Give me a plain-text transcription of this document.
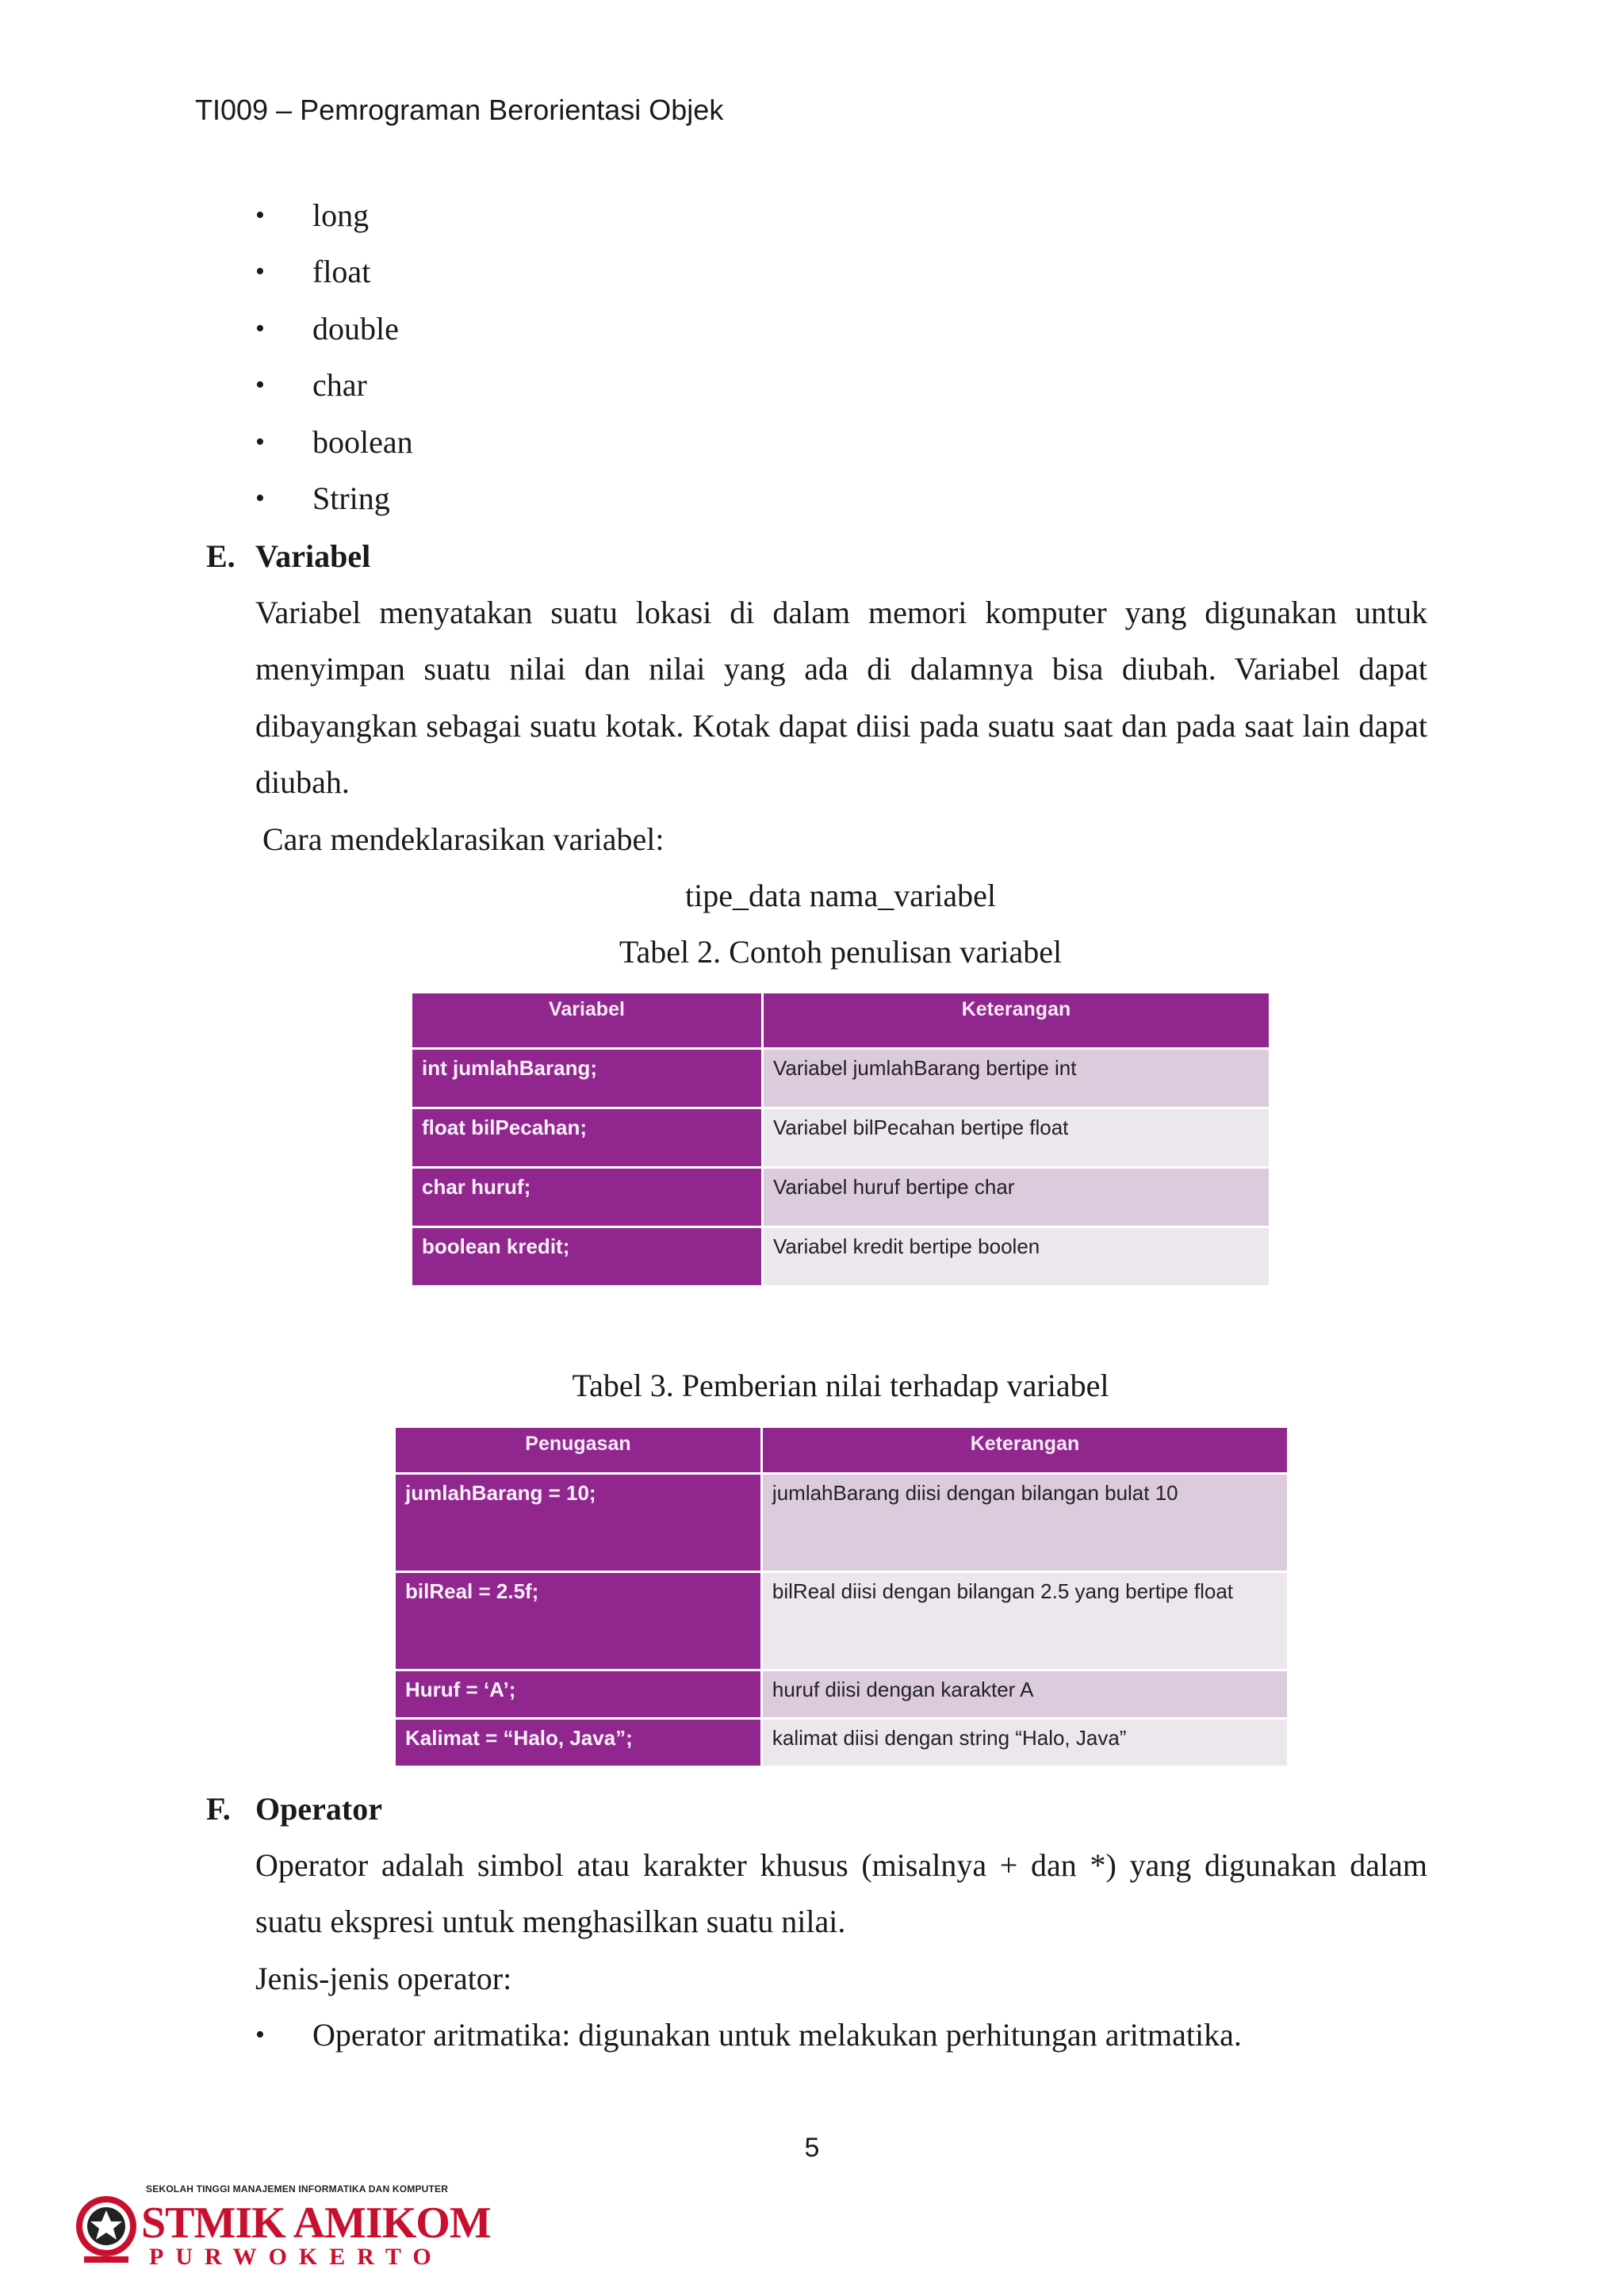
TI009 – Pemrograman Berorientasi Objek
• long
• float
• double
• char
• boolean
• String
E. Variabel

Variabel menyatakan suatu lokasi di dalam memori komputer yang digunakan untuk menyimpan suatu nilai dan nilai yang ada di dalamnya bisa diubah. Variabel dapat dibayangkan sebagai suatu kotak. Kotak dapat diisi pada suatu saat dan pada saat lain dapat diubah.

Cara mendeklarasikan variabel:
tipe_data nama_variabel
Tabel 2. Contoh penulisan variabel
Variabel	Keterangan
int jumlahBarang;	Variabel jumlahBarang bertipe int
float bilPecahan;	Variabel bilPecahan bertipe float
char huruf;	Variabel huruf bertipe char
boolean kredit;	Variabel kredit bertipe boolen
Tabel 3. Pemberian nilai terhadap variabel
Penugasan	Keterangan
jumlahBarang = 10;	jumlahBarang diisi dengan bilangan bulat 10
bilReal = 2.5f;	bilReal diisi dengan bilangan 2.5 yang bertipe float
Huruf = ‘A’;	huruf diisi dengan karakter A
Kalimat = “Halo, Java”;	kalimat diisi dengan string “Halo, Java”
F. Operator

Operator adalah simbol atau karakter khusus (misalnya + dan *) yang digunakan dalam suatu ekspresi untuk menghasilkan suatu nilai.

Jenis-jenis operator:
• Operator aritmatika: digunakan untuk melakukan perhitungan aritmatika.
5
SEKOLAH TINGGI MANAJEMEN INFORMATIKA DAN KOMPUTER
STMIK AMIKOM
PURWOKERTO
